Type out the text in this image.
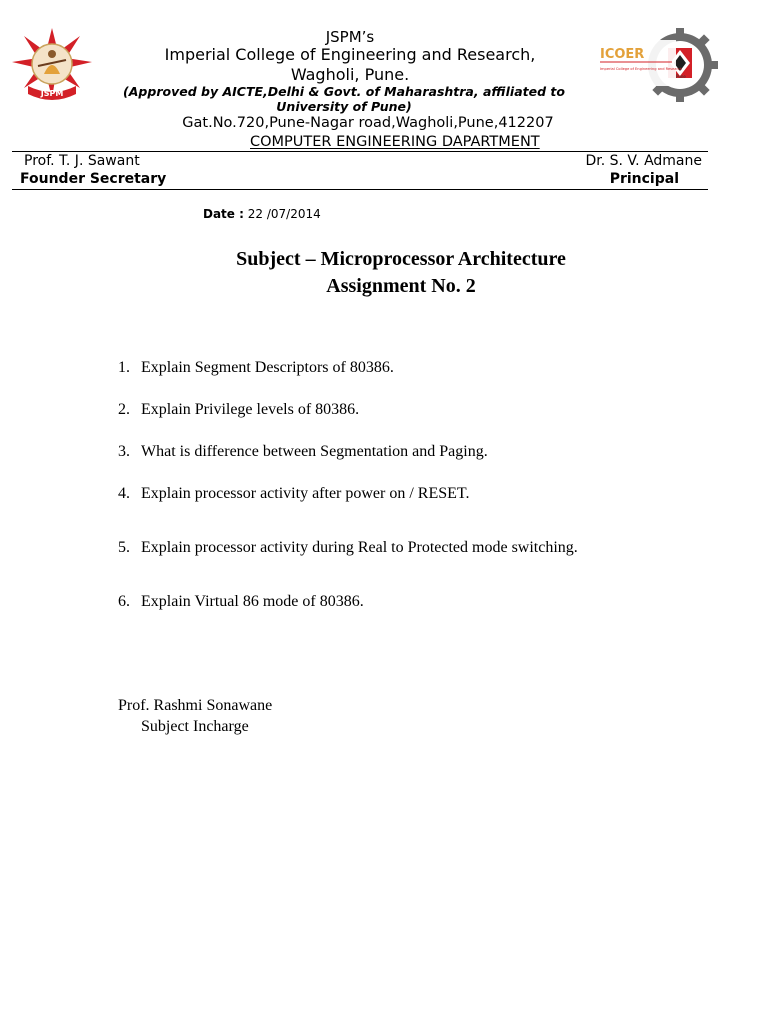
JSPM
ICOER
Imperial College of Engineering and Research
Pune
JSPM’s
Imperial College of Engineering and Research,
Wagholi, Pune.
(Approved by AICTE,Delhi & Govt. of Maharashtra, affiliated to
University of Pune)
Gat.No.720,Pune-Nagar road,Wagholi,Pune,412207
COMPUTER ENGINEERING DAPARTMENT
Prof. T. J. Sawant
Founder Secretary
Dr. S. V. Admane
Principal
Date : 22 /07/2014
Subject – Microprocessor Architecture
Assignment No. 2
1. Explain Segment Descriptors of 80386.
2. Explain Privilege levels of 80386.
3. What is difference between Segmentation and Paging.
4. Explain processor activity after power on / RESET.
5. Explain processor activity during Real to Protected mode switching.
6. Explain Virtual 86 mode of 80386.
Prof. Rashmi Sonawane
Subject Incharge
